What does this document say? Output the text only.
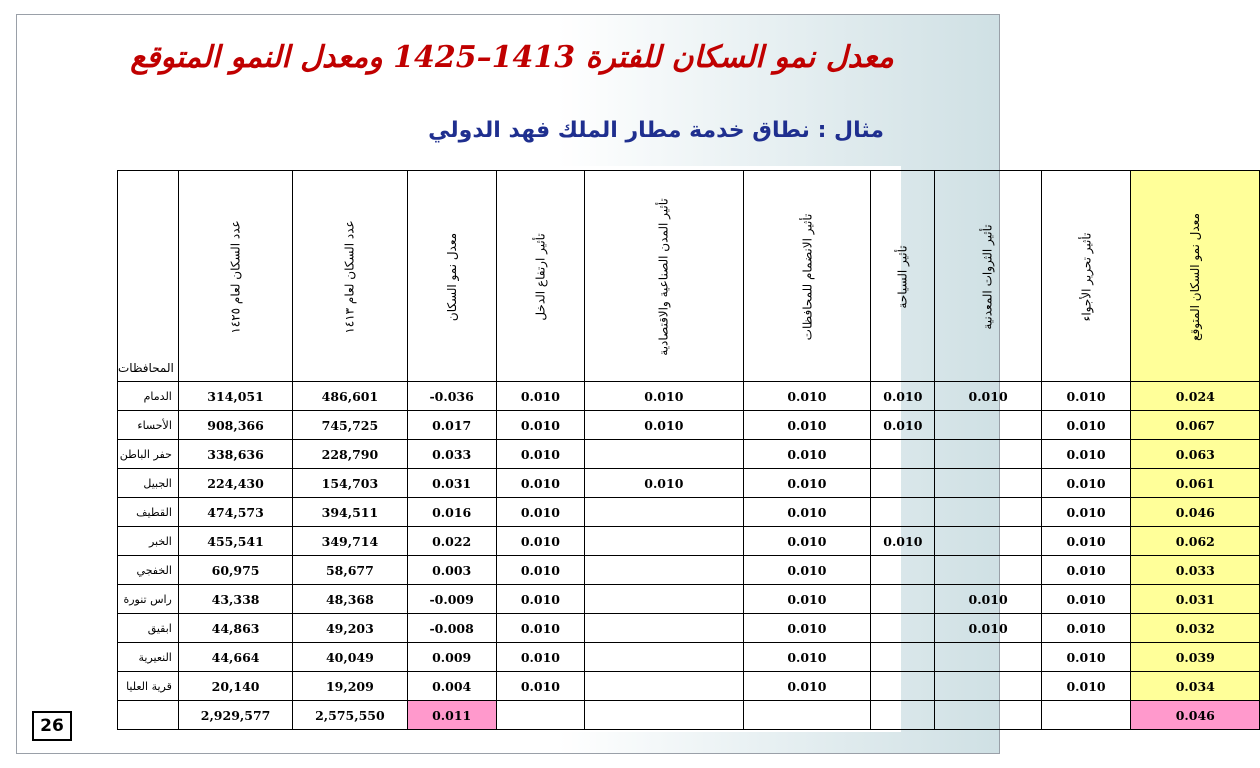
معدل نمو السكان للفترة 1413–1425 ومعدل النمو المتوقع
مثال : نطاق خدمة مطار الملك فهد الدولي
المحافظات	عدد السكان لعام ١٤٢٥	عدد السكان لعام ١٤١٣	معدل نمو السكان	تأثير ارتفاع الدخل	تأثير المدن الصناعية والاقتصادية	تأثير الانضمام للمحافظات	تأثير السياحة	تأثير الثروات المعدنية	تأثير تحرير الأجواء	معدل نمو السكان المتوقع
الدمام	314,051	486,601	-0.036	0.010	0.010	0.010	0.010	0.010	0.010	0.024
الأحساء	908,366	745,725	0.017	0.010	0.010	0.010	0.010		0.010	0.067
حفر الباطن	338,636	228,790	0.033	0.010		0.010			0.010	0.063
الجبيل	224,430	154,703	0.031	0.010	0.010	0.010			0.010	0.061
القطيف	474,573	394,511	0.016	0.010		0.010			0.010	0.046
الخبر	455,541	349,714	0.022	0.010		0.010	0.010		0.010	0.062
الخفجي	60,975	58,677	0.003	0.010		0.010			0.010	0.033
راس تنورة	43,338	48,368	-0.009	0.010		0.010		0.010	0.010	0.031
ابقيق	44,863	49,203	-0.008	0.010		0.010		0.010	0.010	0.032
النعيرية	44,664	40,049	0.009	0.010		0.010			0.010	0.039
قرية العليا	20,140	19,209	0.004	0.010		0.010			0.010	0.034
	2,929,577	2,575,550	0.011							0.046
26
